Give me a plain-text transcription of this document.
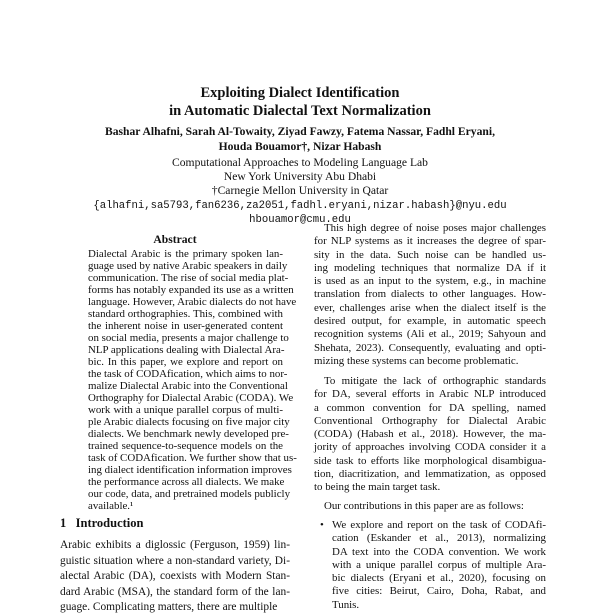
Exploiting Dialect Identification
in Automatic Dialectal Text Normalization
Bashar Alhafni, Sarah Al-Towaity, Ziyad Fawzy, Fatema Nassar, Fadhl Eryani,
Houda Bouamor†, Nizar Habash
Computational Approaches to Modeling Language Lab
New York University Abu Dhabi
†Carnegie Mellon University in Qatar
{alhafni,sa5793,fan6236,za2051,fadhl.eryani,nizar.habash}@nyu.edu
hbouamor@cmu.edu
Abstract
Dialectal Arabic is the primary spoken lan-
guage used by native Arabic speakers in daily
communication. The rise of social media plat-
forms has notably expanded its use as a written
language. However, Arabic dialects do not have
standard orthographies. This, combined with
the inherent noise in user-generated content
on social media, presents a major challenge to
NLP applications dealing with Dialectal Ara-
bic. In this paper, we explore and report on
the task of CODAfication, which aims to nor-
malize Dialectal Arabic into the Conventional
Orthography for Dialectal Arabic (CODA). We
work with a unique parallel corpus of multi-
ple Arabic dialects focusing on five major city
dialects. We benchmark newly developed pre-
trained sequence-to-sequence models on the
task of CODAfication. We further show that us-
ing dialect identification information improves
the performance across all dialects. We make
our code, data, and pretrained models publicly
available.¹
1   Introduction
Arabic exhibits a diglossic (Ferguson, 1959) lin-
guistic situation where a non-standard variety, Di-
alectal Arabic (DA), coexists with Modern Stan-
dard Arabic (MSA), the standard form of the lan-
guage. Complicating matters, there are multiple
This high degree of noise poses major challenges
for NLP systems as it increases the degree of spar-
sity in the data. Such noise can be handled us-
ing modeling techniques that normalize DA if it
is used as an input to the system, e.g., in machine
translation from dialects to other languages. How-
ever, challenges arise when the dialect itself is the
desired output, for example, in automatic speech
recognition systems (Ali et al., 2019; Sahyoun and
Shehata, 2023). Consequently, evaluating and opti-
mizing these systems can become problematic.
To mitigate the lack of orthographic standards
for DA, several efforts in Arabic NLP introduced
a common convention for DA spelling, named
Conventional Orthography for Dialectal Arabic
(CODA) (Habash et al., 2018). However, the ma-
jority of approaches involving CODA consider it a
side task to efforts like morphological disambigua-
tion, diacritization, and lemmatization, as opposed
to being the main target task.
Our contributions in this paper are as follows:
• We explore and report on the task of CODAfi-
cation (Eskander et al., 2013), normalizing
DA text into the CODA convention. We work
with a unique parallel corpus of multiple Ara-
bic dialects (Eryani et al., 2020), focusing on
five cities: Beirut, Cairo, Doha, Rabat, and
Tunis.
